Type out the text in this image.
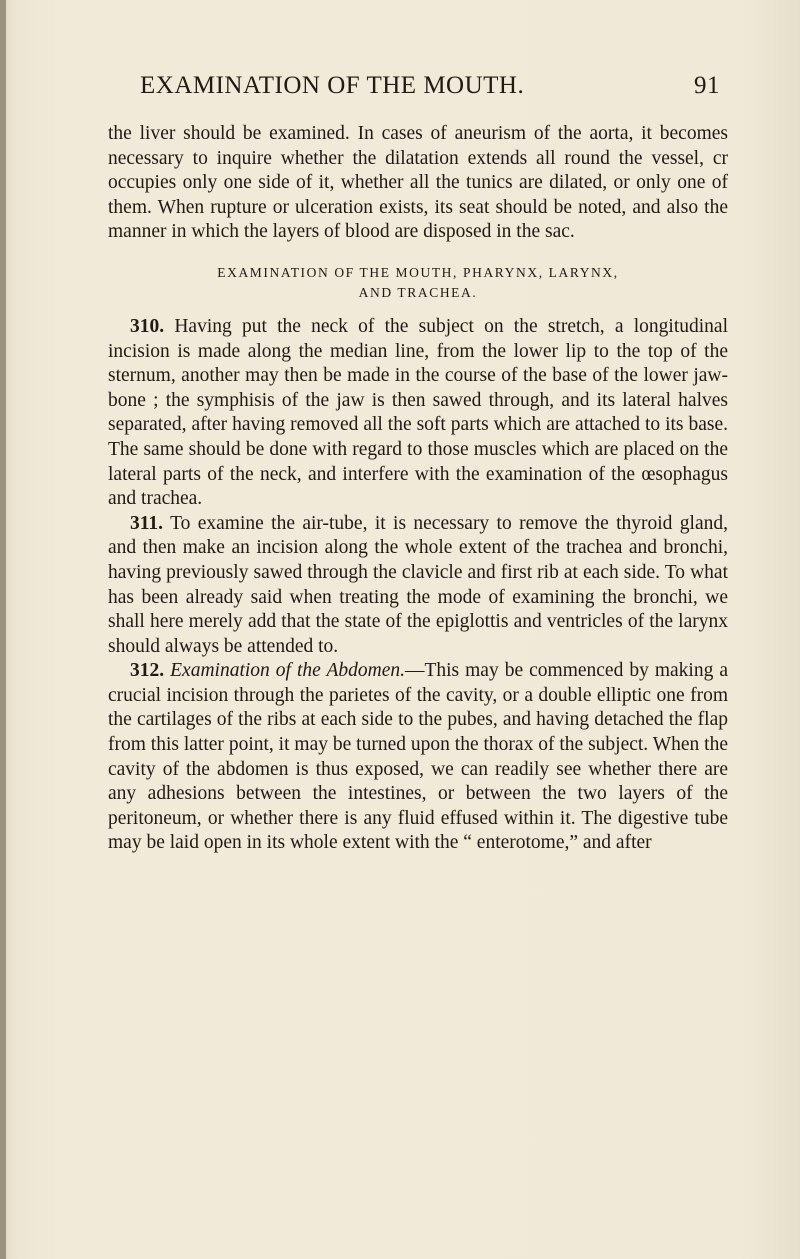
EXAMINATION OF THE MOUTH.	91

the liver should be examined. In cases of aneurism of the aorta, it becomes necessary to inquire whether the dilatation extends all round the vessel, cr occupies only one side of it, whether all the tunics are dilated, or only one of them. When rupture or ulceration exists, its seat should be noted, and also the manner in which the layers of blood are disposed in the sac.

EXAMINATION OF THE MOUTH, PHARYNX, LARYNX,
AND TRACHEA.

310. Having put the neck of the subject on the stretch, a longitudinal incision is made along the median line, from the lower lip to the top of the sternum, another may then be made in the course of the base of the lower jaw-bone ; the symphisis of the jaw is then sawed through, and its lateral halves separated, after having removed all the soft parts which are attached to its base. The same should be done with regard to those muscles which are placed on the lateral parts of the neck, and interfere with the examination of the œsophagus and trachea.

311. To examine the air-tube, it is necessary to remove the thyroid gland, and then make an incision along the whole extent of the trachea and bronchi, having previously sawed through the clavicle and first rib at each side. To what has been already said when treating the mode of examining the bronchi, we shall here merely add that the state of the epiglottis and ventricles of the larynx should always be attended to.

312. Examination of the Abdomen.—This may be commenced by making a crucial incision through the parietes of the cavity, or a double elliptic one from the cartilages of the ribs at each side to the pubes, and having detached the flap from this latter point, it may be turned upon the thorax of the subject. When the cavity of the abdomen is thus exposed, we can readily see whether there are any adhesions between the intestines, or between the two layers of the peritoneum, or whether there is any fluid effused within it. The digestive tube may be laid open in its whole extent with the “ enterotome,” and after
